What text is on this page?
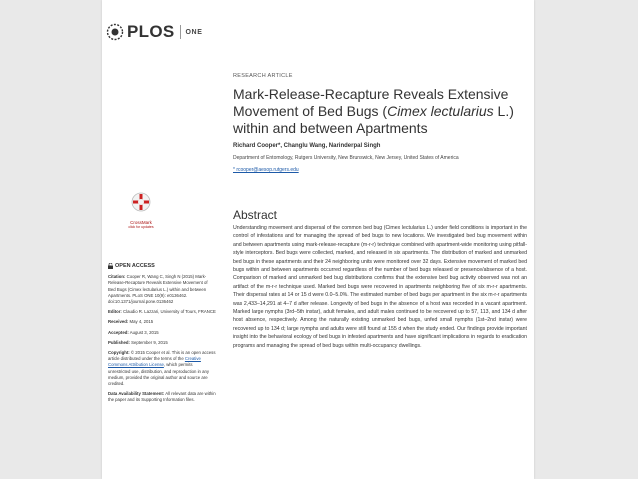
PLOS ONE
RESEARCH ARTICLE
Mark-Release-Recapture Reveals Extensive Movement of Bed Bugs (Cimex lectularius L.) within and between Apartments
Richard Cooper*, Changlu Wang, Narinderpal Singh
Department of Entomology, Rutgers University, New Brunswick, New Jersey, United States of America
* rcooper@aesop.rutgers.edu
CrossMark
click for updates
Abstract
Understanding movement and dispersal of the common bed bug (Cimex lectularius L.) under field conditions is important in the control of infestations and for managing the spread of bed bugs to new locations. We investigated bed bug movement within and between apartments using mark-release-recapture (m-r-r) technique combined with apartment-wide monitoring using pitfall-style interceptors. Bed bugs were collected, marked, and released in six apartments. The distribution of marked and unmarked bed bugs in these apartments and their 24 neighboring units were monitored over 32 days. Extensive movement of marked bed bugs within and between apartments occurred regardless of the number of bed bugs released or presence/absence of a host. Comparison of marked and unmarked bed bug distributions confirms that the extensive bed bug activity observed was not an artifact of the m-r-r technique used. Marked bed bugs were recovered in apartments neighboring five of six m-r-r apartments. Their dispersal rates at 14 or 15 d were 0.0–5.0%. The estimated number of bed bugs per apartment in the six m-r-r apartments was 2,433–14,291 at 4–7 d after release. Longevity of bed bugs in the absence of a host was recorded in a vacant apartment. Marked large nymphs (3rd–5th instar), adult females, and adult males continued to be recovered up to 57, 113, and 134 d after host absence, respectively. Among the naturally existing unmarked bed bugs, unfed small nymphs (1st–2nd instar) were recovered up to 134 d; large nymphs and adults were still found at 155 d when the study ended. Our findings provide important insight into the behavioral ecology of bed bugs in infested apartments and have significant implications in regards to eradication programs and managing the spread of bed bugs within multi-occupancy dwellings.
OPEN ACCESS
Citation: Cooper R, Wang C, Singh N (2015) Mark-Release-Recapture Reveals Extensive Movement of Bed Bugs (Cimex lectularius L.) within and between Apartments. PLoS ONE 10(9): e0136462. doi:10.1371/journal.pone.0136462
Editor: Claudio R. Lazzari, University of Tours, FRANCE
Received: May 4, 2015
Accepted: August 3, 2015
Published: September 9, 2015
Copyright: © 2015 Cooper et al. This is an open access article distributed under the terms of the Creative Commons Attribution License, which permits unrestricted use, distribution, and reproduction in any medium, provided the original author and source are credited.
Data Availability Statement: All relevant data are within the paper and its Supporting Information files.
